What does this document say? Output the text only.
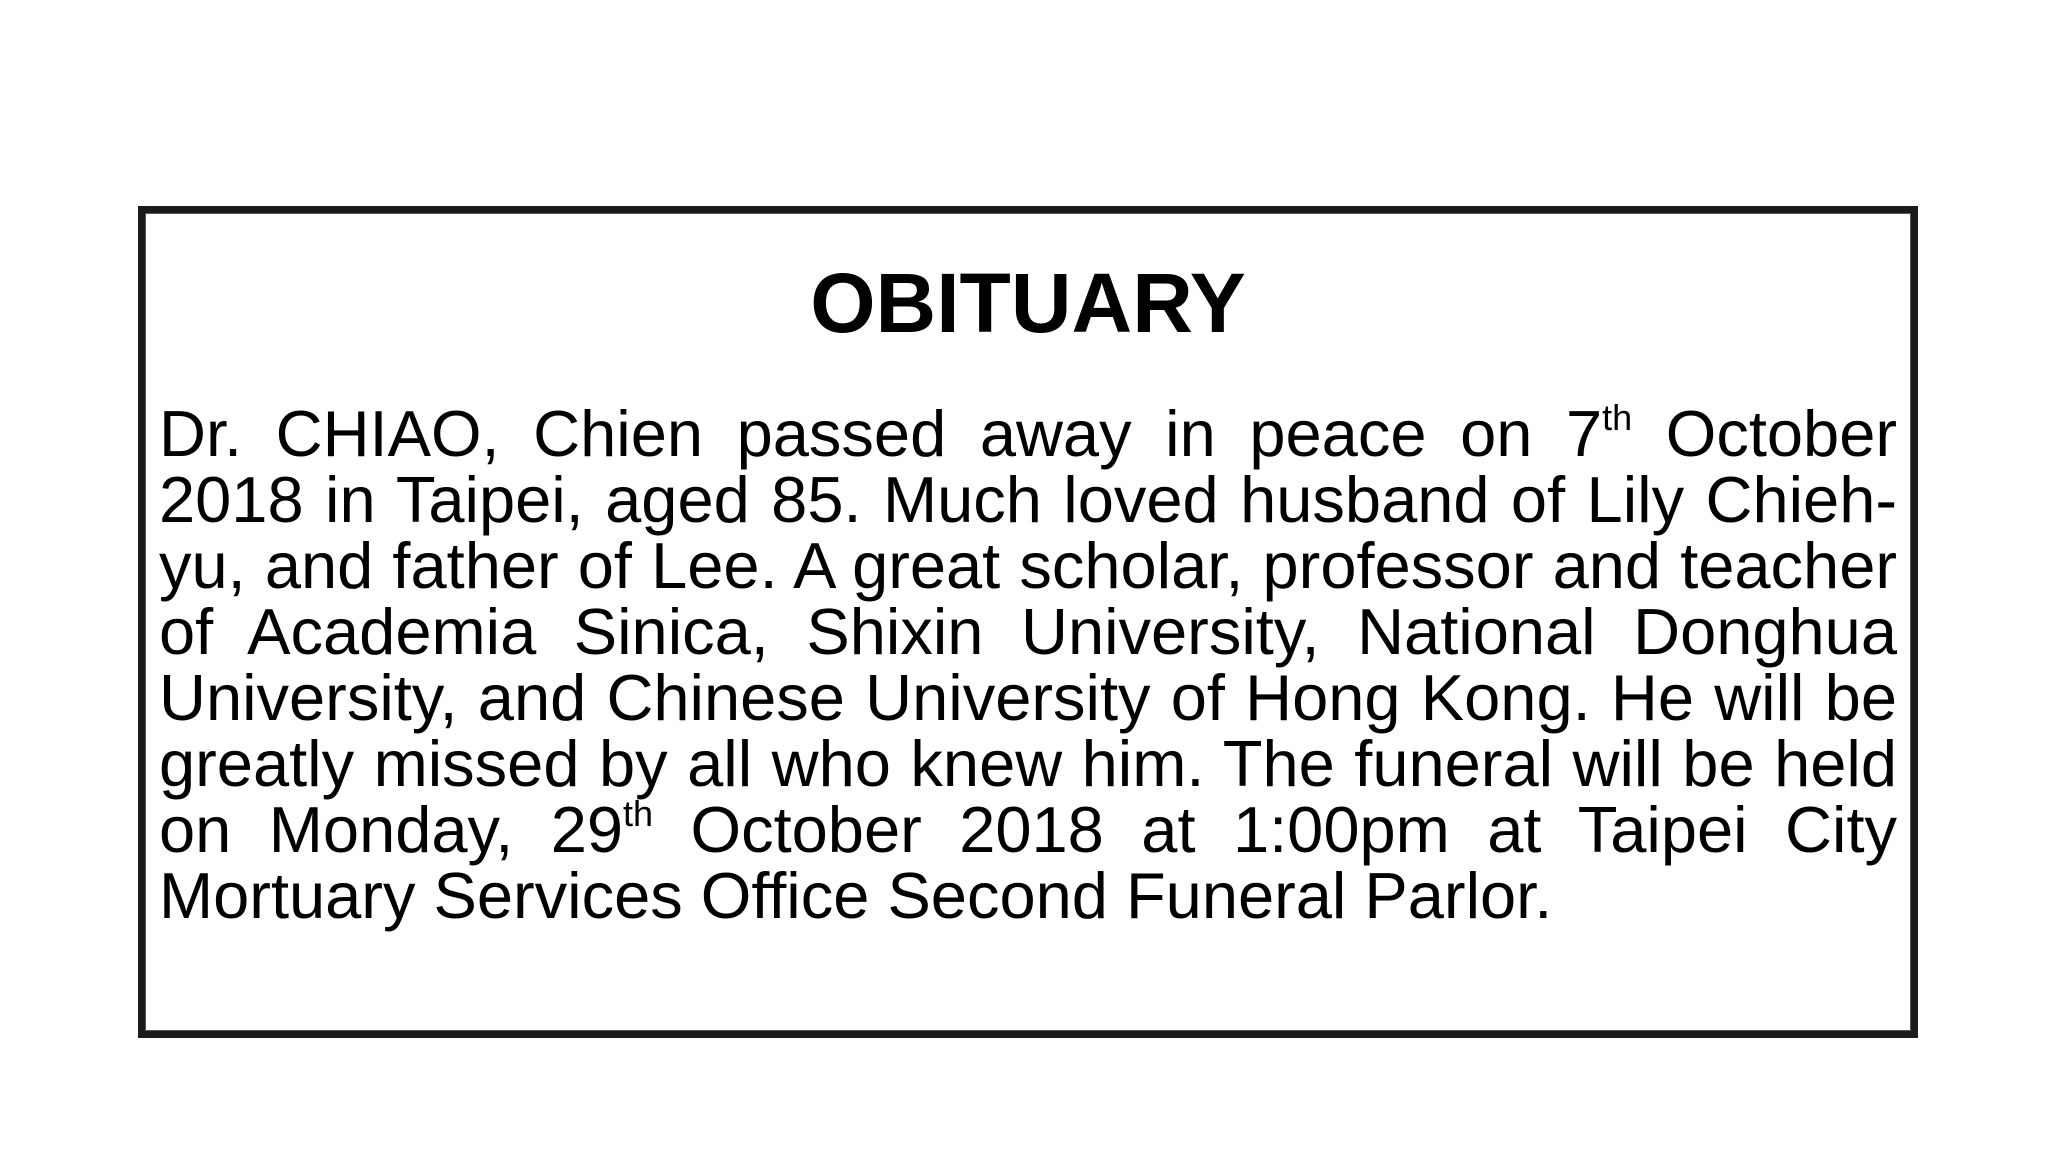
OBITUARY
Dr. CHIAO, Chien passed away in peace on 7th October 2018 in Taipei, aged 85. Much loved husband of Lily Chieh-yu, and father of Lee. A great scholar, professor and teacher of Academia Sinica, Shixin University, National Donghua University, and Chinese University of Hong Kong. He will be greatly missed by all who knew him. The funeral will be held on Monday, 29th October 2018 at 1:00pm at Taipei City Mortuary Services Office Second Funeral Parlor.
